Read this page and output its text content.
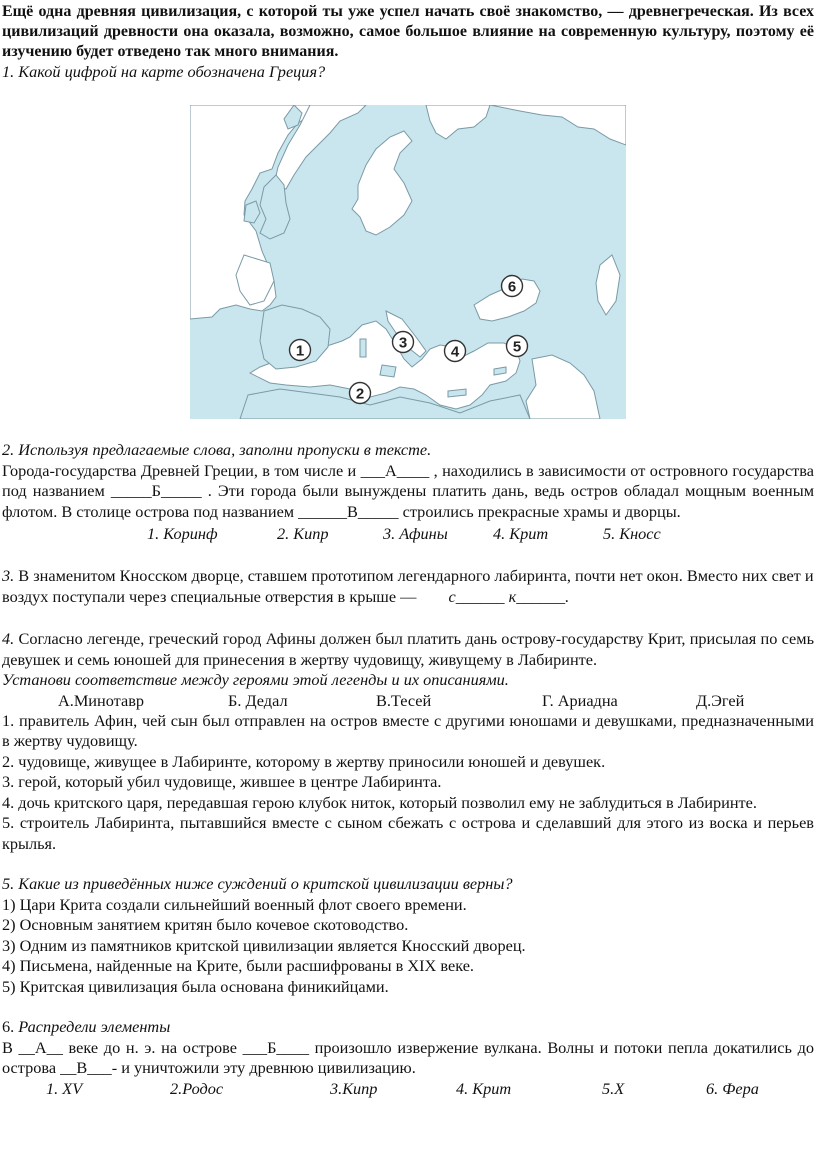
Ещё одна древняя цивилизация, с которой ты уже успел начать своё знакомство, — древнегреческая. Из всех цивилизаций древности она оказала, возможно, самое большое влияние на современную культуру, поэтому её изучению будет отведено так много внимания.

1. Какой цифрой на карте обозначена Греция?

1
2
3
4	5
6

2. Используя предлагаемые слова, заполни пропуски в тексте.

Города-государства Древней Греции, в том числе и ___А____ , находились в зависимости от островного государства под названием _____Б_____ . Эти города были вынуждены платить дань, ведь остров обладал мощным военным флотом. В столице острова под названием ______В_____ строились прекрасные храмы и дворцы.

1. Коринф	2. Кипр	3. Афины	4. Крит	5. Кносс

3. В знаменитом Кносском дворце, ставшем прототипом легендарного лабиринта, почти нет окон. Вместо них свет и воздух поступали через специальные отверстия в крыше — с______ к______.

4. Согласно легенде, греческий город Афины должен был платить дань острову-государству Крит, присылая по семь девушек и семь юношей для принесения в жертву чудовищу, живущему в Лабиринте.

Установи соответствие между героями этой легенды и их описаниями.

А.Минотавр	Б. Дедал	В.Тесей	Г. Ариадна	Д.Эгей

1. правитель Афин, чей сын был отправлен на остров вместе с другими юношами и девушками, предназначенными в жертву чудовищу.

2. чудовище, живущее в Лабиринте, которому в жертву приносили юношей и девушек.

3. герой, который убил чудовище, жившее в центре Лабиринта.

4. дочь критского царя, передавшая герою клубок ниток, который позволил ему не заблудиться в Лабиринте.

5. строитель Лабиринта, пытавшийся вместе с сыном сбежать с острова и сделавший для этого из воска и перьев крылья.

5. Какие из приведённых ниже суждений о критской цивилизации верны?

1) Цари Крита создали сильнейший военный флот своего времени.

2) Основным занятием критян было кочевое скотоводство.

3) Одним из памятников критской цивилизации является Кносский дворец.

4) Письмена, найденные на Крите, были расшифрованы в XIX веке.

5) Критская цивилизация была основана финикийцами.

6. Распредели элементы

В __А__ веке до н. э. на острове ___Б____ произошло извержение вулкана. Волны и потоки пепла докатились до острова __В___- и уничтожили эту древнюю цивилизацию.

1. XV	2.Родос	3.Кипр	4. Крит	5.X	6. Фера
